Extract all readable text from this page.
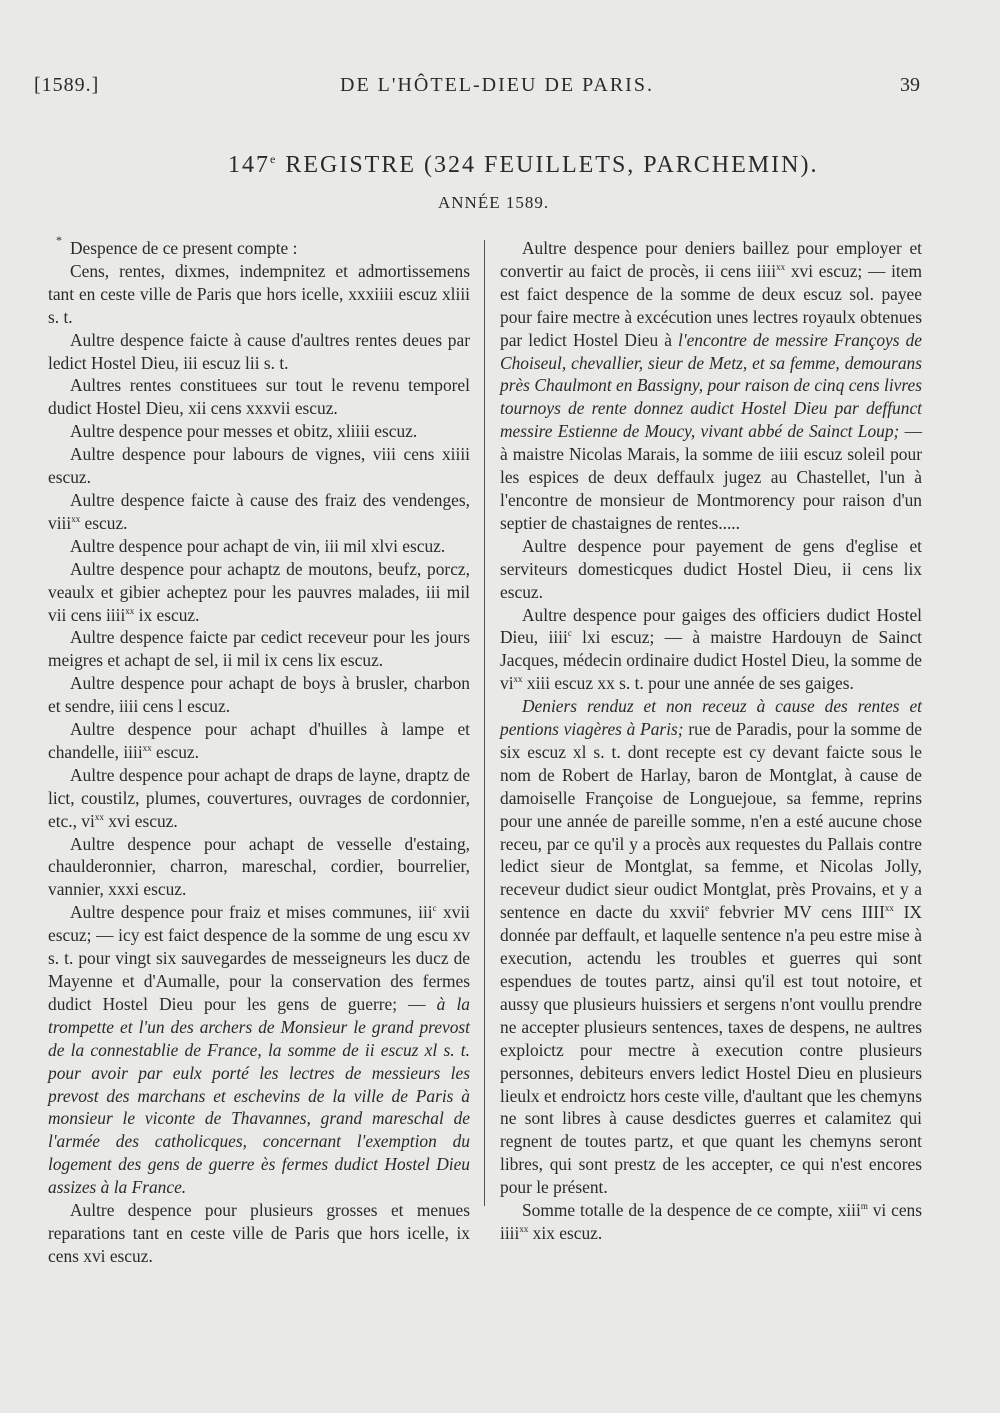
[1589.]	DE L'HÔTEL-DIEU DE PARIS.	39
147e REGISTRE (324 FEUILLETS, PARCHEMIN).
ANNÉE 1589.
* Despence de ce present compte :

Cens, rentes, dixmes, indempnitez et admortissemens tant en ceste ville de Paris que hors icelle, xxxiiii escuz xliii s. t.

Aultre despence faicte à cause d'aultres rentes deues par ledict Hostel Dieu, iii escuz lii s. t.

Aultres rentes constituees sur tout le revenu temporel dudict Hostel Dieu, xii cens xxxvii escuz.

Aultre despence pour messes et obitz, xliiii escuz.

Aultre despence pour labours de vignes, viii cens xiiii escuz.

Aultre despence faicte à cause des fraiz des vendenges, viii$^{xx}$ escuz.

Aultre despence pour achapt de vin, iii mil xlvi escuz.

Aultre despence pour achaptz de moutons, beufz, porcz, veaulx et gibier acheptez pour les pauvres malades, iii mil vii cens iiii$^{xx}$ ix escuz.

Aultre despence faicte par cedict receveur pour les jours meigres et achapt de sel, ii mil ix cens lix escuz.

Aultre despence pour achapt de boys à brusler, charbon et sendre, iiii cens l escuz.

Aultre despence pour achapt d'huilles à lampe et chandelle, iiii$^{xx}$ escuz.

Aultre despence pour achapt de draps de layne, draptz de lict, coustilz, plumes, couvertures, ouvrages de cordonnier, etc., $vi^{xx}$ xvi escuz.

Aultre despence pour achapt de vesselle d'estaing, chaulderonnier, charron, mareschal, cordier, bourrelier, vannier, xxxi escuz.

Aultre despence pour fraiz et mises communes, iii$^c$ xvii escuz; — icy est faict despence de la somme de ung escu xv s. t. pour vingt six sauvegardes de messeigneurs les ducz de Mayenne et d'Aumalle, pour la conservation des fermes dudict Hostel Dieu pour les gens de guerre; — à la trompette et l'un des archers de Monsieur le grand prevost de la connestablie de France, la somme de ii escuz xl s. t. pour avoir par eulx porté les lectres de messieurs les prevost des marchans et eschevins de la ville de Paris à monsieur le viconte de Thavannes, grand mareschal de l'armée des catholicques, concernant l'exemption du logement des gens de guerre ès fermes dudict Hostel Dieu assizes à la France.

Aultre despence pour plusieurs grosses et menues reparations tant en ceste ville de Paris que hors icelle, ix cens xvi escuz.

Aultre despence pour deniers baillez pour employer et convertir au faict de procès, ii cens iiii$^{xx}$ xvi escuz; — item est faict despence de la somme de deux escuz sol. payee pour faire mectre à excécution unes lectres royaulx obtenues par ledict Hostel Dieu à l'encontre de messire Françoys de Choiseul, chevallier, sieur de Metz, et sa femme, demourans près Chaulmont en Bassigny, pour raison de cinq cens livres tournoys de rente donnez audict Hostel Dieu par deffunct messire Estienne de Moucy, vivant abbé de Sainct Loup; — à maistre Nicolas Marais, la somme de iiii escuz soleil pour les espices de deux deffaulx jugez au Chastellet, l'un à l'encontre de monsieur de Montmorency pour raison d'un septier de chastaignes de rentes.....

Aultre despence pour payement de gens d'eglise et serviteurs domesticques dudict Hostel Dieu, ii cens lix escuz.

Aultre despence pour gaiges des officiers dudict Hostel Dieu, iiii$^c$ lxi escuz; — à maistre Hardouyn de Sainct Jacques, médecin ordinaire dudict Hostel Dieu, la somme de $vi^{xx}$ xiii escuz xx s. t. pour une année de ses gaiges.

Deniers renduz et non receuz à cause des rentes et pentions viagères à Paris; rue de Paradis, pour la somme de six escuz xl s. t. dont recepte est cy devant faicte sous le nom de Robert de Harlay, baron de Montglat, à cause de damoiselle Françoise de Longuejoue, sa femme, reprins pour une année de pareille somme, n'en a esté aucune chose receu, par ce qu'il y a procès aux requestes du Pallais contre ledict sieur de Montglat, sa femme, et Nicolas Jolly, receveur dudict sieur oudict Montglat, près Provains, et y a sentence en dacte du xxvii$^e$ febvrier MV cens IIII$^{xx}$ IX donnée par deffault, et laquelle sentence n'a peu estre mise à execution, actendu les troubles et guerres qui sont espendues de toutes partz, ainsi qu'il est tout notoire, et aussy que plusieurs huissiers et sergens n'ont voullu prendre ne accepter plusieurs sentences, taxes de despens, ne aultres exploictz pour mectre à execution contre plusieurs personnes, debiteurs envers ledict Hostel Dieu en plusieurs lieulx et endroictz hors ceste ville, d'aultant que les chemyns ne sont libres à cause desdictes guerres et calamitez qui regnent de toutes partz, et que quant les chemyns seront libres, qui sont prestz de les accepter, ce qui n'est encores pour le présent.

Somme totalle de la despence de ce compte, xiii$^m$ vi cens iiii$^{xx}$ xix escuz.
